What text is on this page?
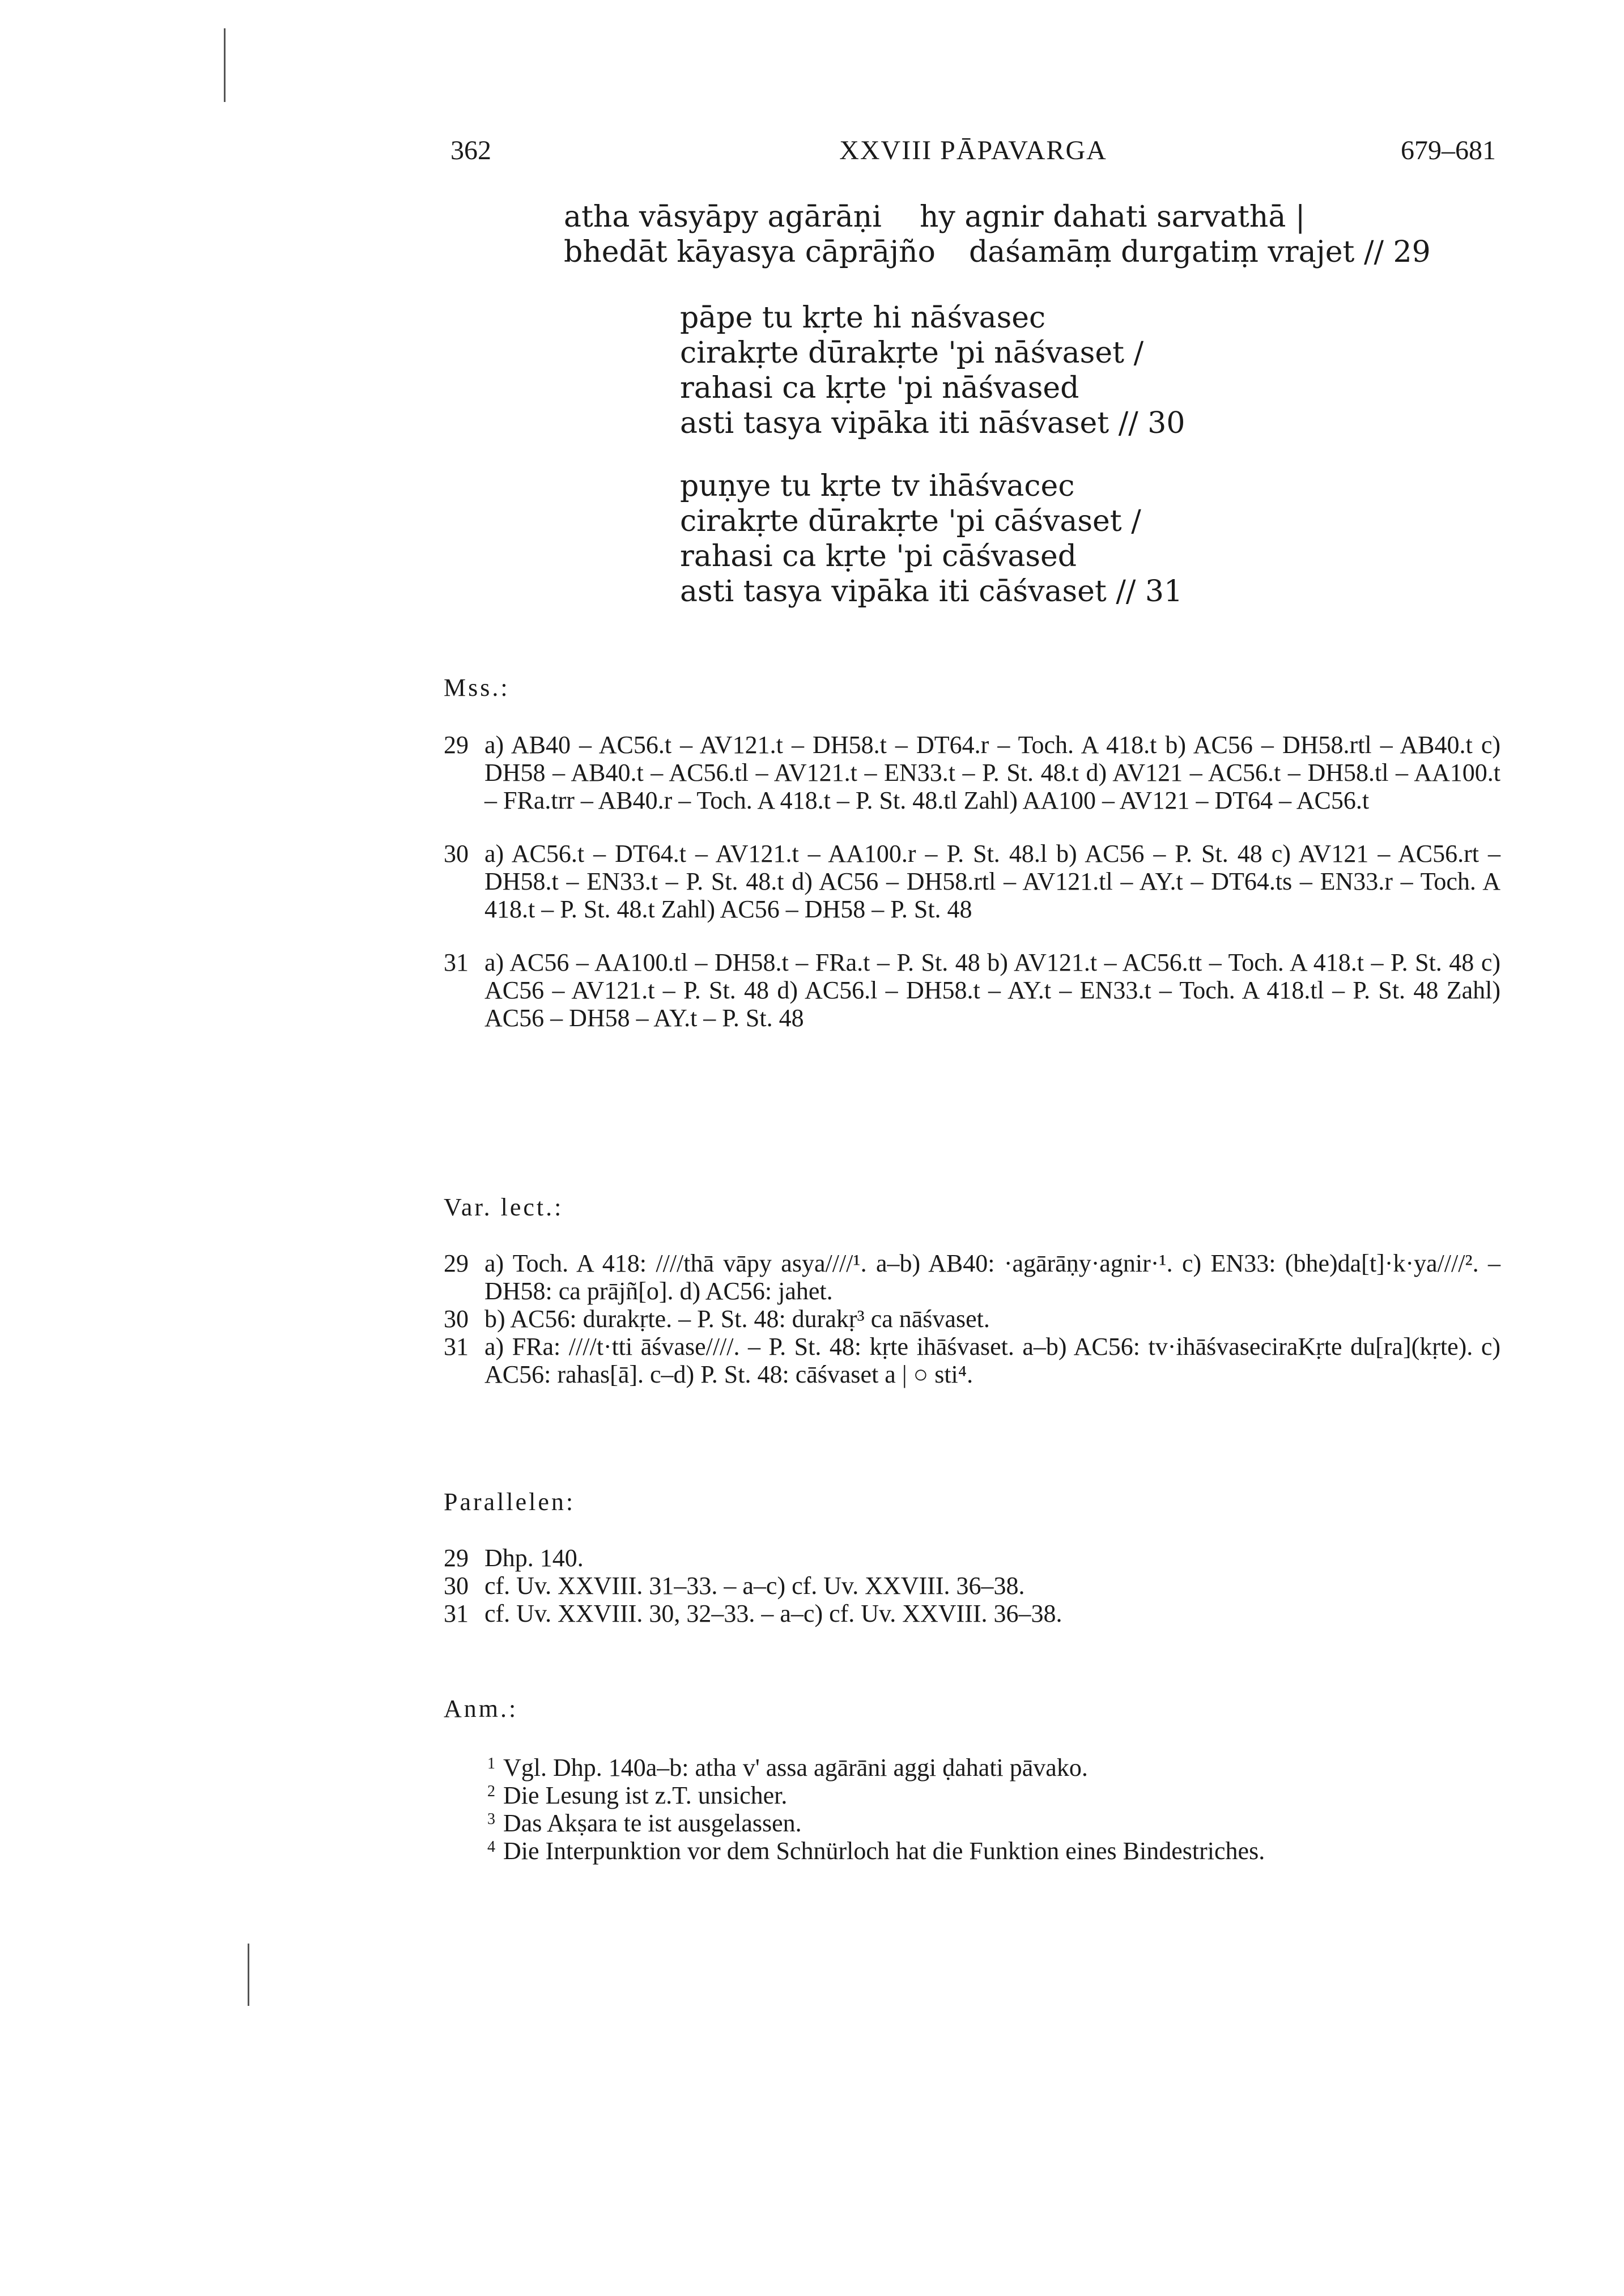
362	XXVIII PĀPAVARGA	679–681
atha vāsyāpy agārāṇi hy agnir dahati sarvathā |
bhedāt kāyasya cāprājño daśamāṃ durgatiṃ vrajet // 29
pāpe tu kṛte hi nāśvasec
cirakṛte dūrakṛte 'pi nāśvaset /
rahasi ca kṛte 'pi nāśvased
asti tasya vipāka iti nāśvaset // 30
puṇye tu kṛte tv ihāśvacec
cirakṛte dūrakṛte 'pi cāśvaset /
rahasi ca kṛte 'pi cāśvased
asti tasya vipāka iti cāśvaset // 31
Mss.:
29 a) AB40 – AC56.t – AV121.t – DH58.t – DT64.r – Toch. A 418.t b) AC56 – DH58.rtl – AB40.t c) DH58 – AB40.t – AC56.tl – AV121.t – EN33.t – P. St. 48.t d) AV121 – AC56.t – DH58.tl – AA100.t – FRa.trr – AB40.r – Toch. A 418.t – P. St. 48.tl Zahl) AA100 – AV121 – DT64 – AC56.t
30 a) AC56.t – DT64.t – AV121.t – AA100.r – P. St. 48.l b) AC56 – P. St. 48 c) AV121 – AC56.rt – DH58.t – EN33.t – P. St. 48.t d) AC56 – DH58.rtl – AV121.tl – AY.t – DT64.ts – EN33.r – Toch. A 418.t – P. St. 48.t Zahl) AC56 – DH58 – P. St. 48
31 a) AC56 – AA100.tl – DH58.t – FRa.t – P. St. 48 b) AV121.t – AC56.tt – Toch. A 418.t – P. St. 48 c) AC56 – AV121.t – P. St. 48 d) AC56.l – DH58.t – AY.t – EN33.t – Toch. A 418.tl – P. St. 48 Zahl) AC56 – DH58 – AY.t – P. St. 48
Var. lect.:
29 a) Toch. A 418: ////thā vāpy asya////¹. a–b) AB40: ·agārāṇy·agnir·¹. c) EN33: (bhe)da[t]·k·ya////². – DH58: ca prājñ[o]. d) AC56: jahet.
30 b) AC56: durakṛte. – P. St. 48: durakṛ³ ca nāśvaset.
31 a) FRa: ////t·tti āśvase////. – P. St. 48: kṛte ihāśvaset. a–b) AC56: tv·ihāśvaseciraKṛte du[ra](kṛte). c) AC56: rahas[ā]. c–d) P. St. 48: cāśvaset a | ○ sti⁴.
Parallelen:
29 Dhp. 140.
30 cf. Uv. XXVIII. 31–33. – a–c) cf. Uv. XXVIII. 36–38.
31 cf. Uv. XXVIII. 30, 32–33. – a–c) cf. Uv. XXVIII. 36–38.
Anm.:
1 Vgl. Dhp. 140a–b: atha v' assa agārāni aggi ḍahati pāvako.
2 Die Lesung ist z.T. unsicher.
3 Das Akṣara te ist ausgelassen.
4 Die Interpunktion vor dem Schnürloch hat die Funktion eines Bindestriches.
